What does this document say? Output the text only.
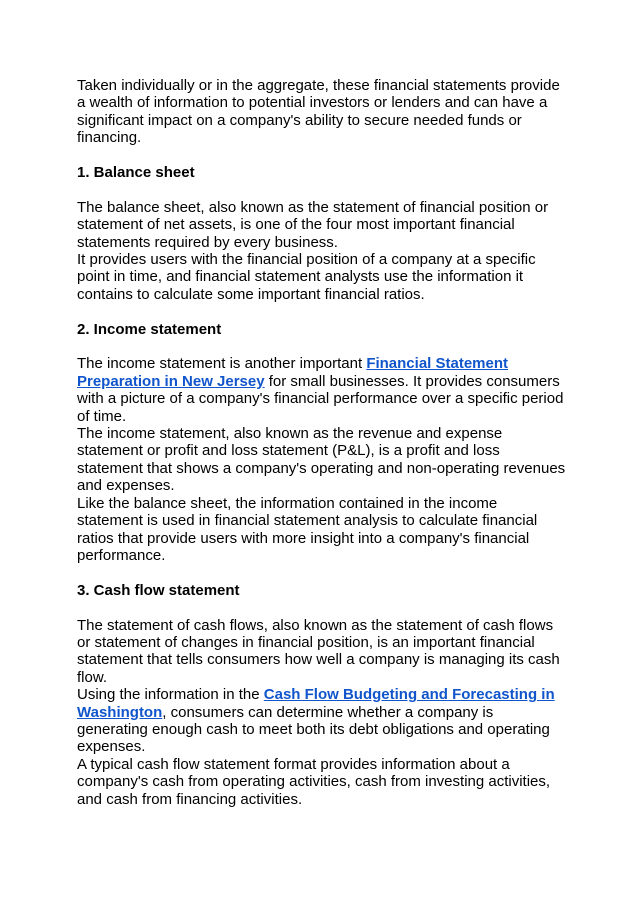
Taken individually or in the aggregate, these financial statements provide a wealth of information to potential investors or lenders and can have a significant impact on a company's ability to secure needed funds or financing.

1. Balance sheet

The balance sheet, also known as the statement of financial position or statement of net assets, is one of the four most important financial statements required by every business.

It provides users with the financial position of a company at a specific point in time, and financial statement analysts use the information it contains to calculate some important financial ratios.

2. Income statement

The income statement is another important Financial Statement Preparation in New Jersey for small businesses. It provides consumers with a picture of a company's financial performance over a specific period of time.

The income statement, also known as the revenue and expense statement or profit and loss statement (P&L), is a profit and loss statement that shows a company's operating and non-operating revenues and expenses.

Like the balance sheet, the information contained in the income statement is used in financial statement analysis to calculate financial ratios that provide users with more insight into a company's financial performance.

3. Cash flow statement

The statement of cash flows, also known as the statement of cash flows or statement of changes in financial position, is an important financial statement that tells consumers how well a company is managing its cash flow.

Using the information in the Cash Flow Budgeting and Forecasting in Washington, consumers can determine whether a company is generating enough cash to meet both its debt obligations and operating expenses.

A typical cash flow statement format provides information about a company's cash from operating activities, cash from investing activities, and cash from financing activities.
